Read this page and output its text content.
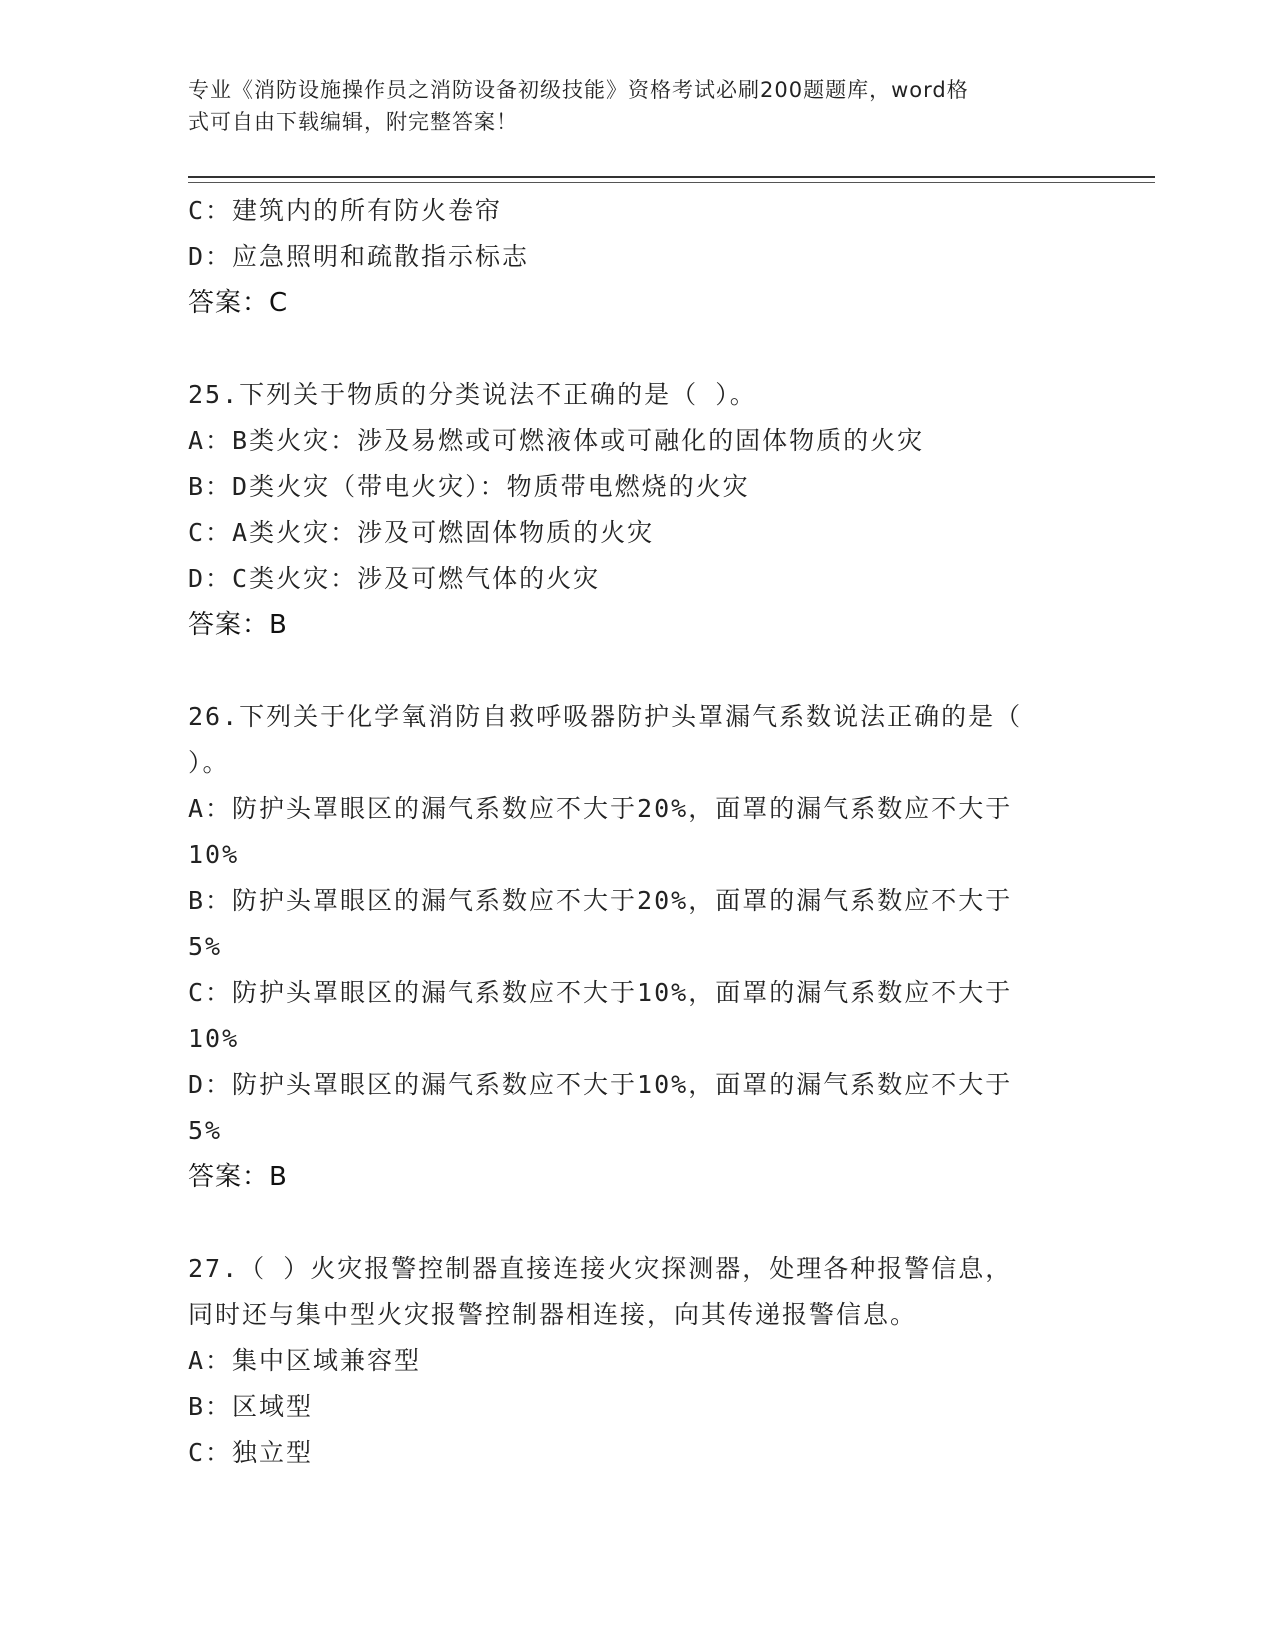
专业《消防设施操作员之消防设备初级技能》资格考试必刷200题题库，word格
式可自由下载编辑，附完整答案！
C：建筑内的所有防火卷帘
D：应急照明和疏散指示标志
答案：C
25.下列关于物质的分类说法不正确的是（ ）。
A：B类火灾：涉及易燃或可燃液体或可融化的固体物质的火灾
B：D类火灾（带电火灾）：物质带电燃烧的火灾
C：A类火灾：涉及可燃固体物质的火灾
D：C类火灾：涉及可燃气体的火灾
答案：B
26.下列关于化学氧消防自救呼吸器防护头罩漏气系数说法正确的是（
）。
A：防护头罩眼区的漏气系数应不大于20%，面罩的漏气系数应不大于
10%
B：防护头罩眼区的漏气系数应不大于20%，面罩的漏气系数应不大于
5%
C：防护头罩眼区的漏气系数应不大于10%，面罩的漏气系数应不大于
10%
D：防护头罩眼区的漏气系数应不大于10%，面罩的漏气系数应不大于
5%
答案：B
27.（ ）火灾报警控制器直接连接火灾探测器，处理各种报警信息，
同时还与集中型火灾报警控制器相连接，向其传递报警信息。
A：集中区域兼容型
B：区域型
C：独立型
